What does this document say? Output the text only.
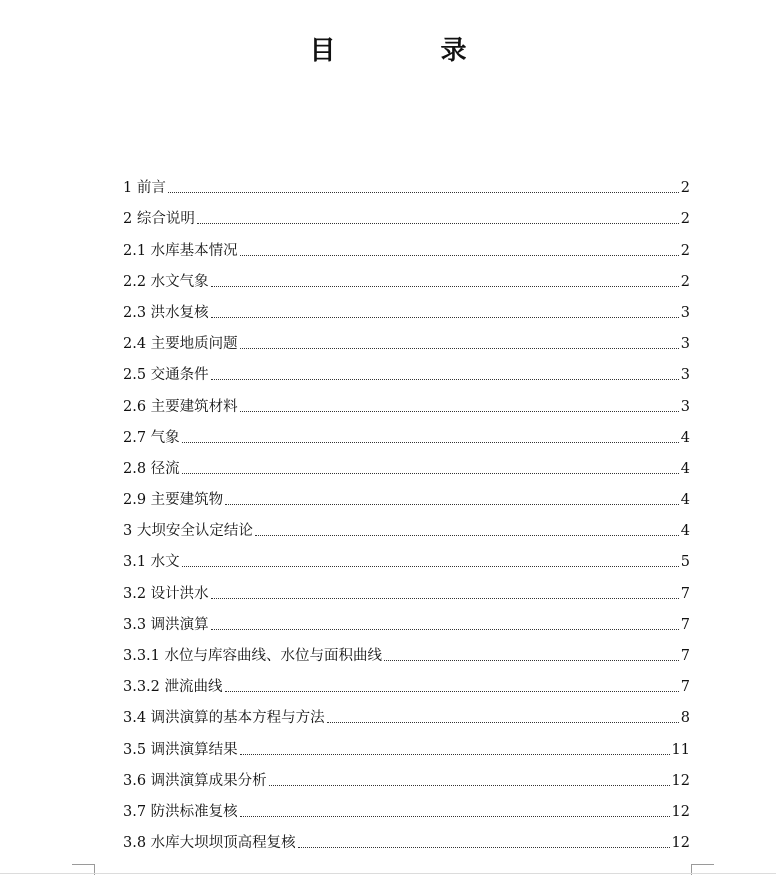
目 录
1 前言	2
2 综合说明	2
2.1 水库基本情况	2
2.2 水文气象	2
2.3 洪水复核	3
2.4 主要地质问题	3
2.5 交通条件	3
2.6 主要建筑材料	3
2.7 气象	4
2.8 径流	4
2.9 主要建筑物	4
3 大坝安全认定结论	4
3.1 水文	5
3.2 设计洪水	7
3.3 调洪演算	7
3.3.1 水位与库容曲线、水位与面积曲线	7
3.3.2 泄流曲线	7
3.4 调洪演算的基本方程与方法	8
3.5 调洪演算结果	11
3.6 调洪演算成果分析	12
3.7 防洪标准复核	12
3.8 水库大坝坝顶高程复核	12
